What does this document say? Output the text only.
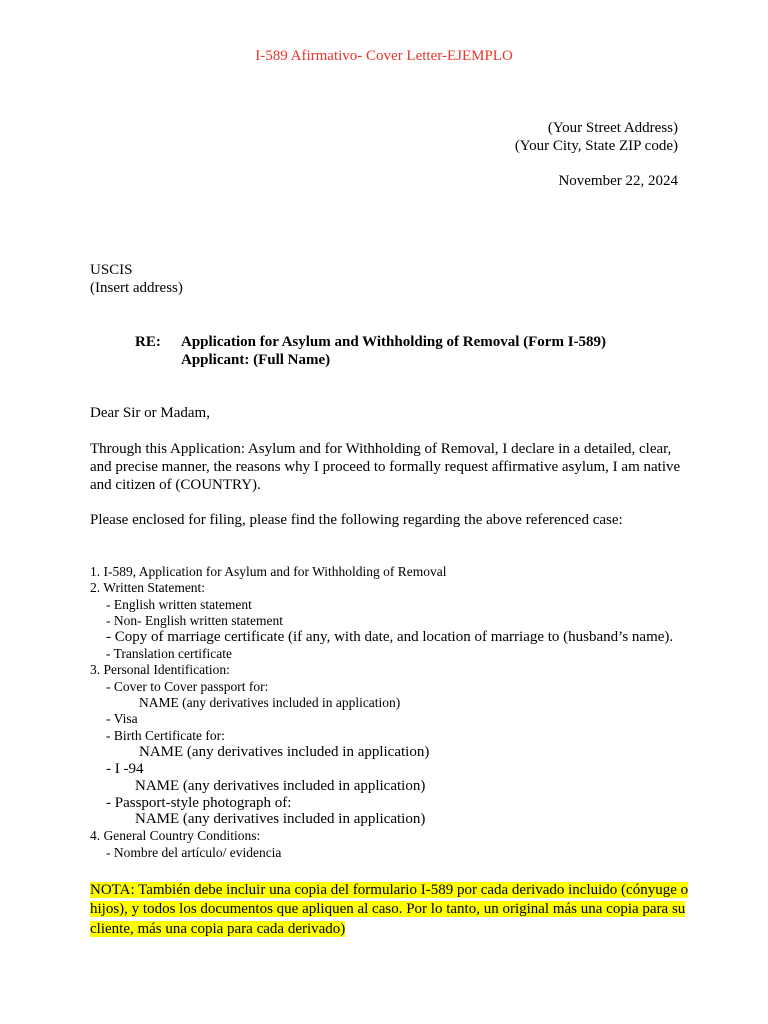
I-589 Afirmativo- Cover Letter-EJEMPLO
(Your Street Address)
(Your City, State ZIP code)
November 22, 2024
USCIS
(Insert address)
RE: Application for Asylum and Withholding of Removal (Form I-589)
Applicant: (Full Name)
Dear Sir or Madam,
Through this Application: Asylum and for Withholding of Removal, I declare in a detailed, clear, and precise manner, the reasons why I proceed to formally request affirmative asylum, I am native and citizen of (COUNTRY).
Please enclosed for filing, please find the following regarding the above referenced case:
1. I-589, Application for Asylum and for Withholding of Removal
2. Written Statement:
- English written statement
- Non- English written statement
- Copy of marriage certificate (if any, with date, and location of marriage to (husband’s name).
- Translation certificate
3. Personal Identification:
- Cover to Cover passport for:
NAME (any derivatives included in application)
- Visa
- Birth Certificate for:
NAME (any derivatives included in application)
- I -94
NAME (any derivatives included in application)
- Passport-style photograph of:
NAME (any derivatives included in application)
4. General Country Conditions:
- Nombre del artículo/ evidencia
NOTA: También debe incluir una copia del formulario I-589 por cada derivado incluido (cónyuge o hijos), y todos los documentos que apliquen al caso. Por lo tanto, un original más una copia para su cliente, más una copia para cada derivado)
